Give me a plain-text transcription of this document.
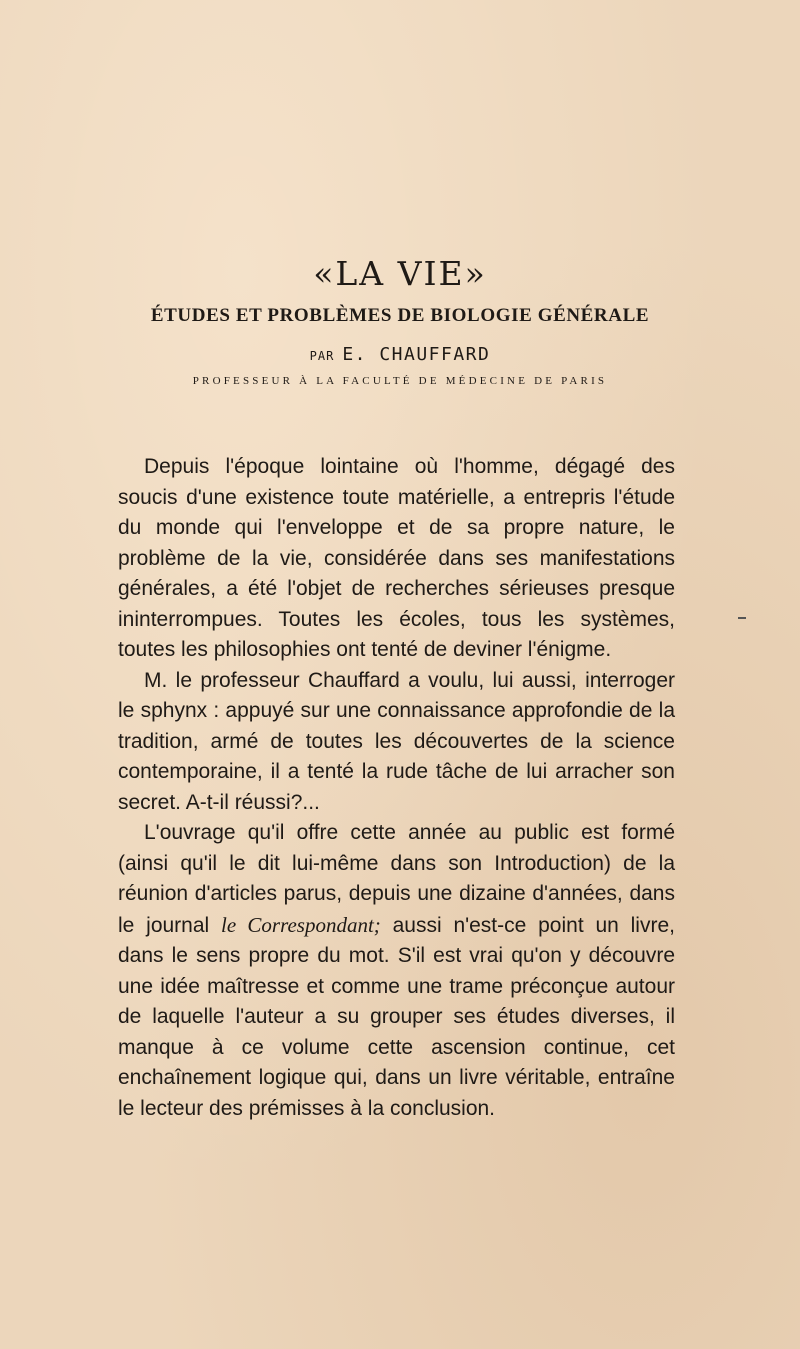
«LA VIE»
ÉTUDES ET PROBLÈMES DE BIOLOGIE GÉNÉRALE
PAR E. CHAUFFARD
PROFESSEUR À LA FACULTÉ DE MÉDECINE DE PARIS

Depuis l'époque lointaine où l'homme, dégagé des soucis d'une existence toute matérielle, a entrepris l'étude du monde qui l'enveloppe et de sa propre nature, le problème de la vie, considérée dans ses manifestations générales, a été l'objet de recherches sérieuses presque ininterrompues. Toutes les écoles, tous les systèmes, toutes les philosophies ont tenté de deviner l'énigme.

M. le professeur Chauffard a voulu, lui aussi, interroger le sphynx : appuyé sur une connaissance approfondie de la tradition, armé de toutes les découvertes de la science contemporaine, il a tenté la rude tâche de lui arracher son secret. A-t-il réussi?...

L'ouvrage qu'il offre cette année au public est formé (ainsi qu'il le dit lui-même dans son Introduction) de la réunion d'articles parus, depuis une dizaine d'années, dans le journal le Correspondant; aussi n'est-ce point un livre, dans le sens propre du mot. S'il est vrai qu'on y découvre une idée maîtresse et comme une trame préconçue autour de laquelle l'auteur a su grouper ses études diverses, il manque à ce volume cette ascension continue, cet enchaînement logique qui, dans un livre véritable, entraîne le lecteur des prémisses à la conclusion.
